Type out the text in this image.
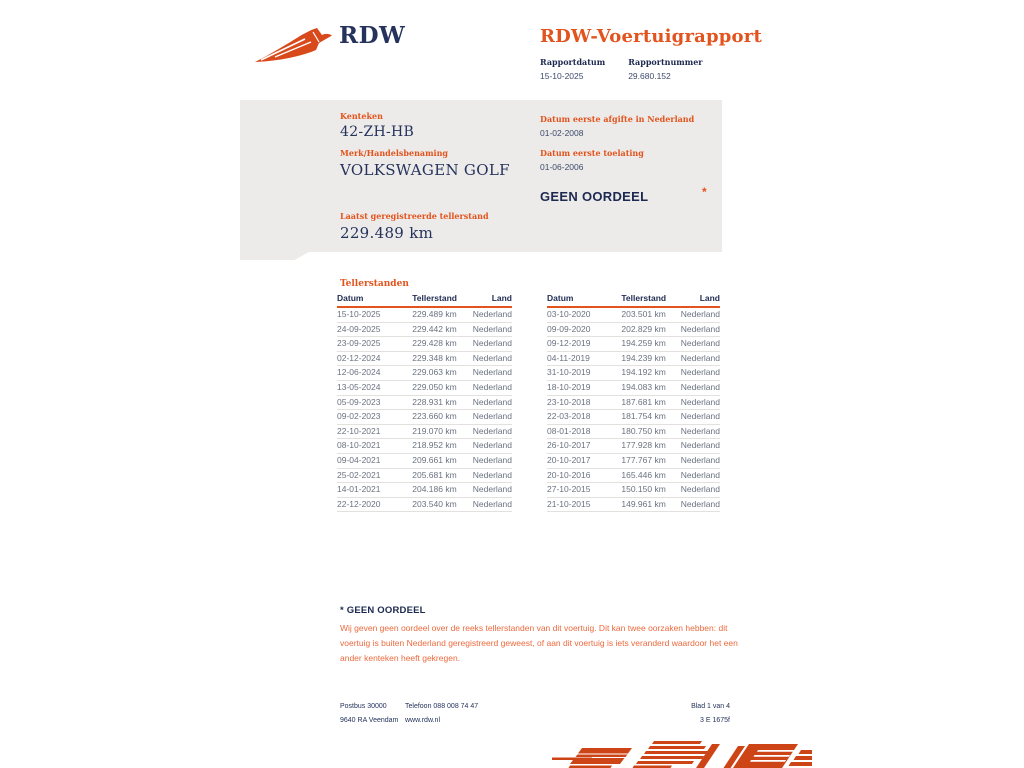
RDW	RDW-Voertuigrapport
Rapportdatum
15-10-2025
Rapportnummer
29.680.152
Kenteken
42-ZH-HB
Merk/Handelsbenaming
VOLKSWAGEN GOLF
Laatst geregistreerde tellerstand
229.489 km
Datum eerste afgifte in Nederland
01-02-2008
Datum eerste toelating
01-06-2006
GEEN OORDEEL	*
Tellerstanden
Datum	Tellerstand	Land
15-10-2025	229.489 km	Nederland
24-09-2025	229.442 km	Nederland
23-09-2025	229.428 km	Nederland
02-12-2024	229.348 km	Nederland
12-06-2024	229.063 km	Nederland
13-05-2024	229.050 km	Nederland
05-09-2023	228.931 km	Nederland
09-02-2023	223.660 km	Nederland
22-10-2021	219.070 km	Nederland
08-10-2021	218.952 km	Nederland
09-04-2021	209.661 km	Nederland
25-02-2021	205.681 km	Nederland
14-01-2021	204.186 km	Nederland
22-12-2020	203.540 km	Nederland
Datum	Tellerstand	Land
03-10-2020	203.501 km	Nederland
09-09-2020	202.829 km	Nederland
09-12-2019	194.259 km	Nederland
04-11-2019	194.239 km	Nederland
31-10-2019	194.192 km	Nederland
18-10-2019	194.083 km	Nederland
23-10-2018	187.681 km	Nederland
22-03-2018	181.754 km	Nederland
08-01-2018	180.750 km	Nederland
26-10-2017	177.928 km	Nederland
20-10-2017	177.767 km	Nederland
20-10-2016	165.446 km	Nederland
27-10-2015	150.150 km	Nederland
21-10-2015	149.961 km	Nederland
* GEEN OORDEEL
Wij geven geen oordeel over de reeks tellerstanden van dit voertuig. Dit kan twee oorzaken hebben: dit voertuig is buiten Nederland geregistreerd geweest, of aan dit voertuig is iets veranderd waardoor het een ander kenteken heeft gekregen.
Postbus 30000
9640 RA Veendam
Telefoon 088 008 74 47
www.rdw.nl
Blad 1 van 4
3 E 1675f
